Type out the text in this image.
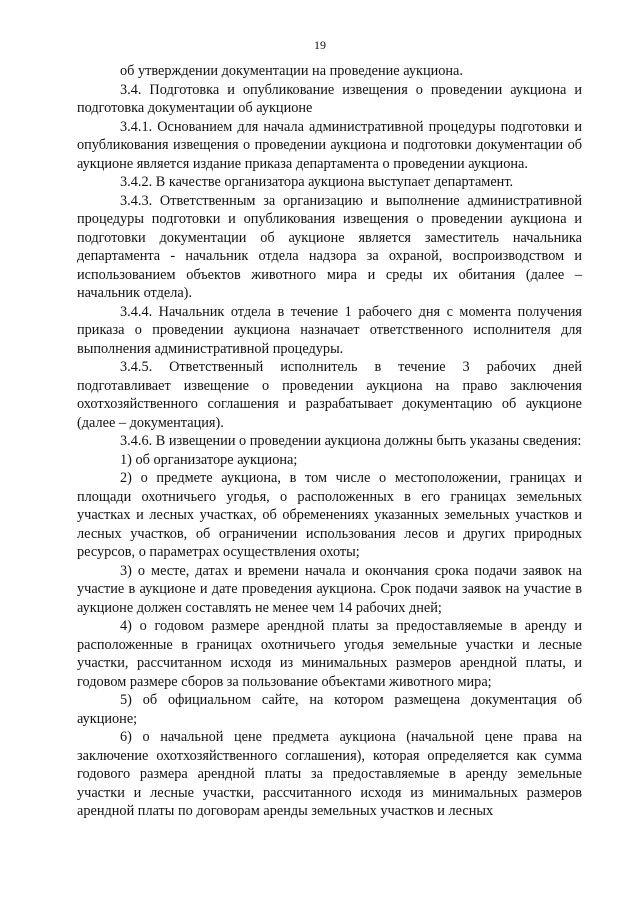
19

об утверждении документации на проведение аукциона.

3.4. Подготовка и опубликование извещения о проведении аукциона и подготовка документации об аукционе

3.4.1. Основанием для начала административной процедуры подготовки и опубликования извещения о проведении аукциона и подготовки документации об аукционе является издание приказа департамента о проведении аукциона.

3.4.2. В качестве организатора аукциона выступает департамент.

3.4.3. Ответственным за организацию и выполнение административной процедуры подготовки и опубликования извещения о проведении аукциона и подготовки документации об аукционе является заместитель начальника департамента - начальник отдела надзора за охраной, воспроизводством и использованием объектов животного мира и среды их обитания (далее – начальник отдела).

3.4.4. Начальник отдела в течение 1 рабочего дня с момента получения приказа о проведении аукциона назначает ответственного исполнителя для выполнения административной процедуры.

3.4.5. Ответственный исполнитель в течение 3 рабочих дней подготавливает извещение о проведении аукциона на право заключения охотхозяйственного соглашения и разрабатывает документацию об аукционе (далее – документация).

3.4.6. В извещении о проведении аукциона должны быть указаны сведения:

1) об организаторе аукциона;

2) о предмете аукциона, в том числе о местоположении, границах и площади охотничьего угодья, о расположенных в его границах земельных участках и лесных участках, об обременениях указанных земельных участков и лесных участков, об ограничении использования лесов и других природных ресурсов, о параметрах осуществления охоты;

3) о месте, датах и времени начала и окончания срока подачи заявок на участие в аукционе и дате проведения аукциона. Срок подачи заявок на участие в аукционе должен составлять не менее чем 14 рабочих дней;

4) о годовом размере арендной платы за предоставляемые в аренду и расположенные в границах охотничьего угодья земельные участки и лесные участки, рассчитанном исходя из минимальных размеров арендной платы, и годовом размере сборов за пользование объектами животного мира;

5) об официальном сайте, на котором размещена документация об аукционе;

6) о начальной цене предмета аукциона (начальной цене права на заключение охотхозяйственного соглашения), которая определяется как сумма годового размера арендной платы за предоставляемые в аренду земельные участки и лесные участки, рассчитанного исходя из минимальных размеров арендной платы по договорам аренды земельных участков и лесных
